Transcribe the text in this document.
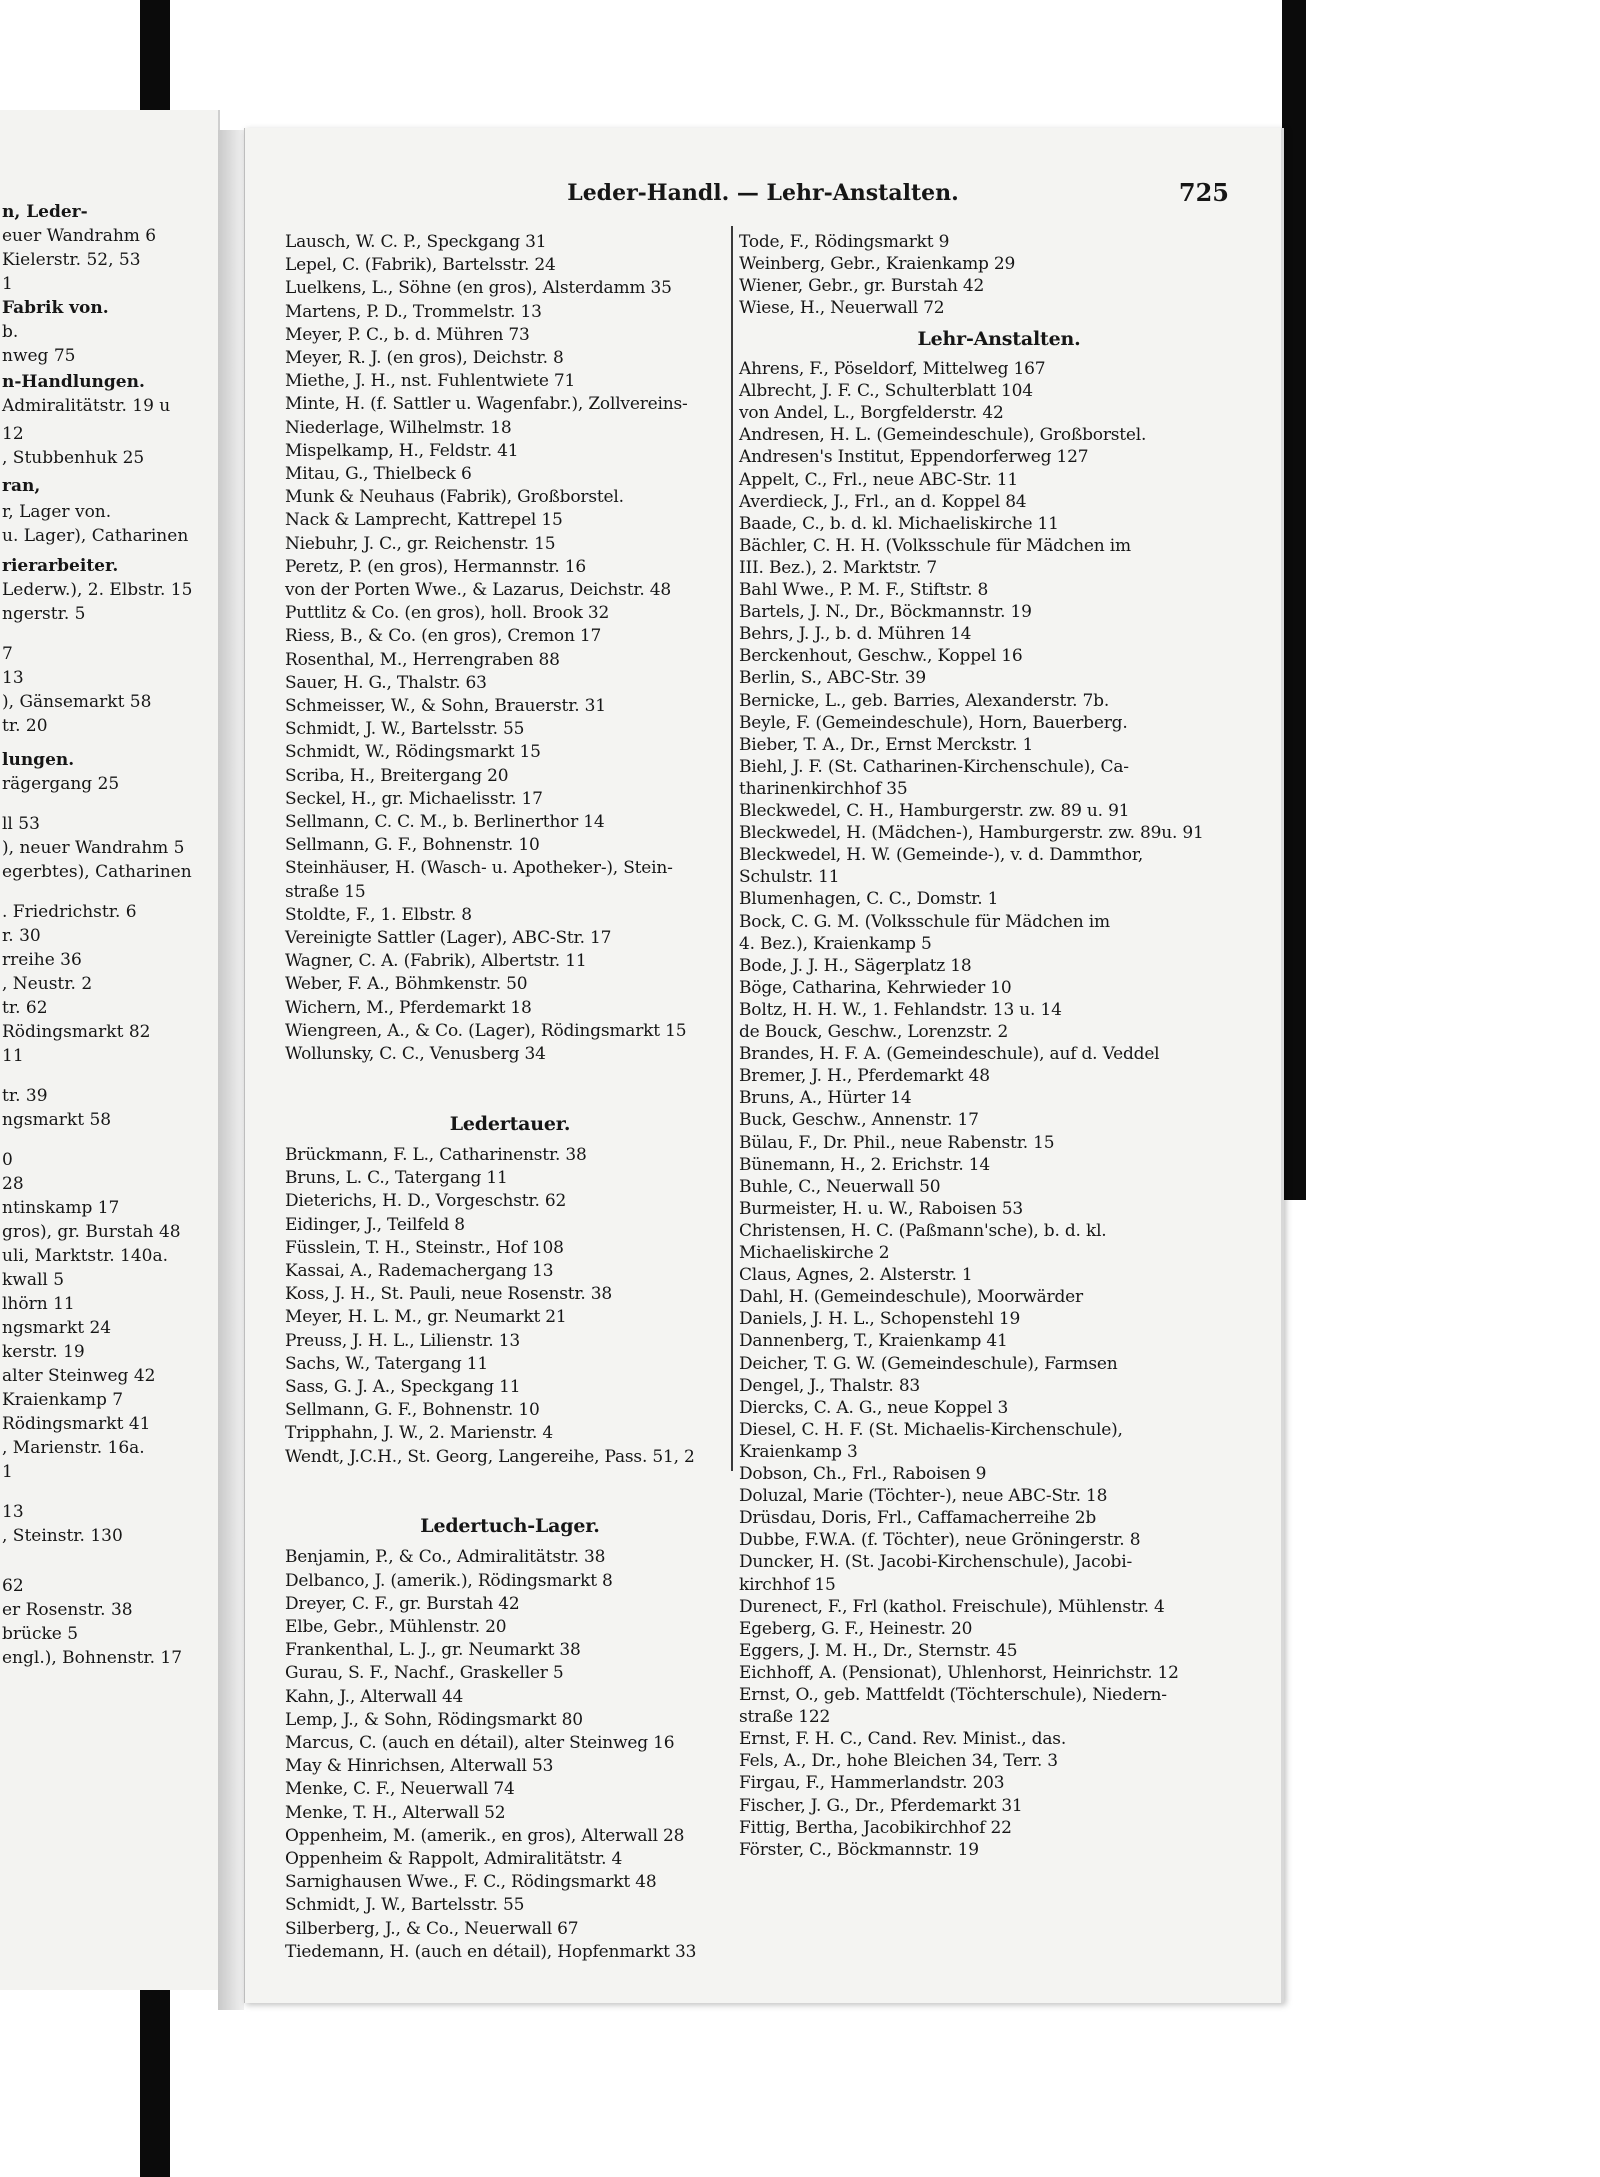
n, Leder-
euer Wandrahm 6
Kielerstr. 52, 53
1
Fabrik von.
b.
nweg 75
n-Handlungen.
Admiralitätstr. 19 u
12
, Stubbenhuk 25
ran,
r, Lager von.
u. Lager), Catharinen
rierarbeiter.
Lederw.), 2. Elbstr. 15
ngerstr. 5
7
13
), Gänsemarkt 58
tr. 20
lungen.
rägergang 25
ll 53
), neuer Wandrahm 5
egerbtes), Catharinen
. Friedrichstr. 6
r. 30
rreihe 36
, Neustr. 2
tr. 62
Rödingsmarkt 82
11
tr. 39
ngsmarkt 58
0
28
ntinskamp 17
gros), gr. Burstah 48
uli, Marktstr. 140a.
kwall 5
lhörn 11
ngsmarkt 24
kerstr. 19
alter Steinweg 42
Kraienkamp 7
Rödingsmarkt 41
, Marienstr. 16a.
1
13
, Steinstr. 130
62
er Rosenstr. 38
brücke 5
engl.), Bohnenstr. 17
Leder-Handl. — Lehr-Anstalten.	725
Lausch, W. C. P., Speckgang 31
Lepel, C. (Fabrik), Bartelsstr. 24
Luelkens, L., Söhne (en gros), Alsterdamm 35
Martens, P. D., Trommelstr. 13
Meyer, P. C., b. d. Mühren 73
Meyer, R. J. (en gros), Deichstr. 8
Miethe, J. H., nst. Fuhlentwiete 71
Minte, H. (f. Sattler u. Wagenfabr.), Zollvereins-
Niederlage, Wilhelmstr. 18
Mispelkamp, H., Feldstr. 41
Mitau, G., Thielbeck 6
Munk & Neuhaus (Fabrik), Großborstel.
Nack & Lamprecht, Kattrepel 15
Niebuhr, J. C., gr. Reichenstr. 15
Peretz, P. (en gros), Hermannstr. 16
von der Porten Wwe., & Lazarus, Deichstr. 48
Puttlitz & Co. (en gros), holl. Brook 32
Riess, B., & Co. (en gros), Cremon 17
Rosenthal, M., Herrengraben 88
Sauer, H. G., Thalstr. 63
Schmeisser, W., & Sohn, Brauerstr. 31
Schmidt, J. W., Bartelsstr. 55
Schmidt, W., Rödingsmarkt 15
Scriba, H., Breitergang 20
Seckel, H., gr. Michaelisstr. 17
Sellmann, C. C. M., b. Berlinerthor 14
Sellmann, G. F., Bohnenstr. 10
Steinhäuser, H. (Wasch- u. Apotheker-), Stein-
straße 15
Stoldte, F., 1. Elbstr. 8
Vereinigte Sattler (Lager), ABC-Str. 17
Wagner, C. A. (Fabrik), Albertstr. 11
Weber, F. A., Böhmkenstr. 50
Wichern, M., Pferdemarkt 18
Wiengreen, A., & Co. (Lager), Rödingsmarkt 15
Wollunsky, C. C., Venusberg 34
Ledertauer.
Brückmann, F. L., Catharinenstr. 38
Bruns, L. C., Tatergang 11
Dieterichs, H. D., Vorgeschstr. 62
Eidinger, J., Teilfeld 8
Füsslein, T. H., Steinstr., Hof 108
Kassai, A., Rademachergang 13
Koss, J. H., St. Pauli, neue Rosenstr. 38
Meyer, H. L. M., gr. Neumarkt 21
Preuss, J. H. L., Lilienstr. 13
Sachs, W., Tatergang 11
Sass, G. J. A., Speckgang 11
Sellmann, G. F., Bohnenstr. 10
Tripphahn, J. W., 2. Marienstr. 4
Wendt, J.C.H., St. Georg, Langereihe, Pass. 51, 2
Ledertuch-Lager.
Benjamin, P., & Co., Admiralitätstr. 38
Delbanco, J. (amerik.), Rödingsmarkt 8
Dreyer, C. F., gr. Burstah 42
Elbe, Gebr., Mühlenstr. 20
Frankenthal, L. J., gr. Neumarkt 38
Gurau, S. F., Nachf., Graskeller 5
Kahn, J., Alterwall 44
Lemp, J., & Sohn, Rödingsmarkt 80
Marcus, C. (auch en détail), alter Steinweg 16
May & Hinrichsen, Alterwall 53
Menke, C. F., Neuerwall 74
Menke, T. H., Alterwall 52
Oppenheim, M. (amerik., en gros), Alterwall 28
Oppenheim & Rappolt, Admiralitätstr. 4
Sarnighausen Wwe., F. C., Rödingsmarkt 48
Schmidt, J. W., Bartelsstr. 55
Silberberg, J., & Co., Neuerwall 67
Tiedemann, H. (auch en détail), Hopfenmarkt 33
Tode, F., Rödingsmarkt 9
Weinberg, Gebr., Kraienkamp 29
Wiener, Gebr., gr. Burstah 42
Wiese, H., Neuerwall 72
Lehr-Anstalten.
Ahrens, F., Pöseldorf, Mittelweg 167
Albrecht, J. F. C., Schulterblatt 104
von Andel, L., Borgfelderstr. 42
Andresen, H. L. (Gemeindeschule), Großborstel.
Andresen's Institut, Eppendorferweg 127
Appelt, C., Frl., neue ABC-Str. 11
Averdieck, J., Frl., an d. Koppel 84
Baade, C., b. d. kl. Michaeliskirche 11
Bächler, C. H. H. (Volksschule für Mädchen im
III. Bez.), 2. Marktstr. 7
Bahl Wwe., P. M. F., Stiftstr. 8
Bartels, J. N., Dr., Böckmannstr. 19
Behrs, J. J., b. d. Mühren 14
Berckenhout, Geschw., Koppel 16
Berlin, S., ABC-Str. 39
Bernicke, L., geb. Barries, Alexanderstr. 7b.
Beyle, F. (Gemeindeschule), Horn, Bauerberg.
Bieber, T. A., Dr., Ernst Merckstr. 1
Biehl, J. F. (St. Catharinen-Kirchenschule), Ca-
tharinenkirchhof 35
Bleckwedel, C. H., Hamburgerstr. zw. 89 u. 91
Bleckwedel, H. (Mädchen-), Hamburgerstr. zw. 89u. 91
Bleckwedel, H. W. (Gemeinde-), v. d. Dammthor,
Schulstr. 11
Blumenhagen, C. C., Domstr. 1
Bock, C. G. M. (Volksschule für Mädchen im
4. Bez.), Kraienkamp 5
Bode, J. J. H., Sägerplatz 18
Böge, Catharina, Kehrwieder 10
Boltz, H. H. W., 1. Fehlandstr. 13 u. 14
de Bouck, Geschw., Lorenzstr. 2
Brandes, H. F. A. (Gemeindeschule), auf d. Veddel
Bremer, J. H., Pferdemarkt 48
Bruns, A., Hürter 14
Buck, Geschw., Annenstr. 17
Bülau, F., Dr. Phil., neue Rabenstr. 15
Bünemann, H., 2. Erichstr. 14
Buhle, C., Neuerwall 50
Burmeister, H. u. W., Raboisen 53
Christensen, H. C. (Paßmann'sche), b. d. kl.
Michaeliskirche 2
Claus, Agnes, 2. Alsterstr. 1
Dahl, H. (Gemeindeschule), Moorwärder
Daniels, J. H. L., Schopenstehl 19
Dannenberg, T., Kraienkamp 41
Deicher, T. G. W. (Gemeindeschule), Farmsen
Dengel, J., Thalstr. 83
Diercks, C. A. G., neue Koppel 3
Diesel, C. H. F. (St. Michaelis-Kirchenschule),
Kraienkamp 3
Dobson, Ch., Frl., Raboisen 9
Doluzal, Marie (Töchter-), neue ABC-Str. 18
Drüsdau, Doris, Frl., Caffamacherreihe 2b
Dubbe, F.W.A. (f. Töchter), neue Gröningerstr. 8
Duncker, H. (St. Jacobi-Kirchenschule), Jacobi-
kirchhof 15
Durenect, F., Frl (kathol. Freischule), Mühlenstr. 4
Egeberg, G. F., Heinestr. 20
Eggers, J. M. H., Dr., Sternstr. 45
Eichhoff, A. (Pensionat), Uhlenhorst, Heinrichstr. 12
Ernst, O., geb. Mattfeldt (Töchterschule), Niedern-
straße 122
Ernst, F. H. C., Cand. Rev. Minist., das.
Fels, A., Dr., hohe Bleichen 34, Terr. 3
Firgau, F., Hammerlandstr. 203
Fischer, J. G., Dr., Pferdemarkt 31
Fittig, Bertha, Jacobikirchhof 22
Förster, C., Böckmannstr. 19
